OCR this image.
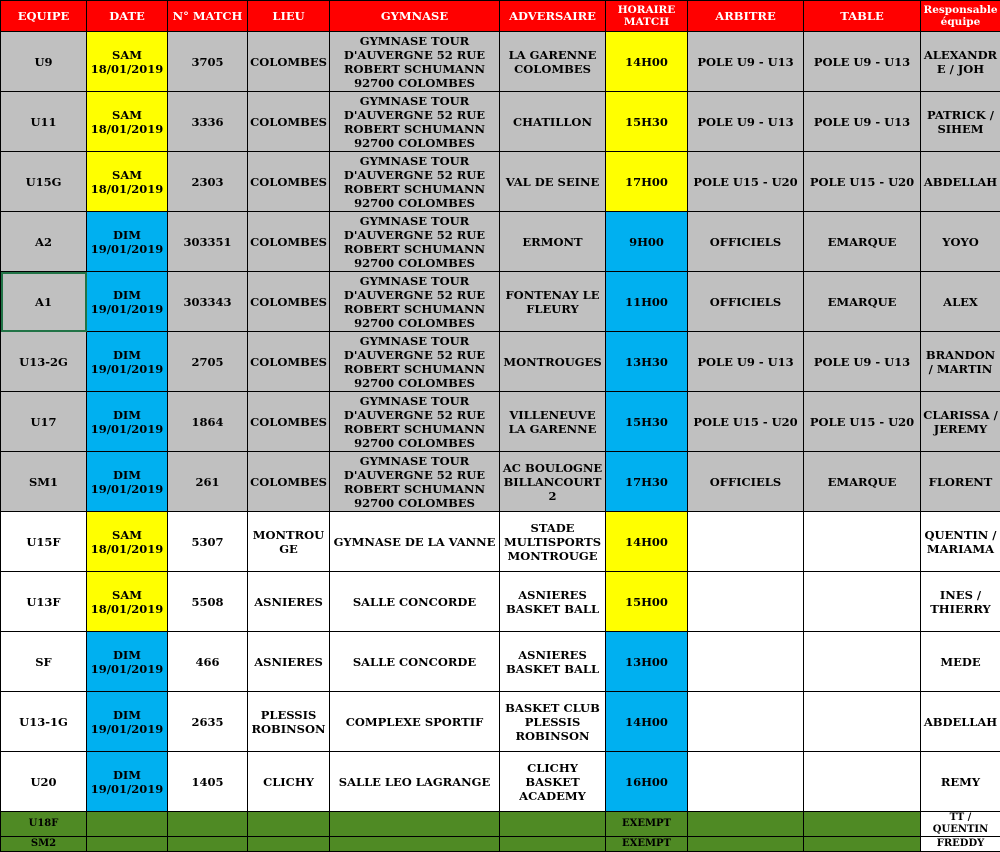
EQUIPE	DATE	N° MATCH	LIEU	GYMNASE	ADVERSAIRE	HORAIRE MATCH	ARBITRE	TABLE	Responsable équipe
U9	SAM 18/01/2019	3705	COLOMBES	GYMNASE TOUR D'AUVERGNE 52 RUE ROBERT SCHUMANN 92700 COLOMBES	LA GARENNE COLOMBES	14H00	POLE U9 - U13	POLE U9 - U13	ALEXANDRE / JOH
U11	SAM 18/01/2019	3336	COLOMBES	GYMNASE TOUR D'AUVERGNE 52 RUE ROBERT SCHUMANN 92700 COLOMBES	CHATILLON	15H30	POLE U9 - U13	POLE U9 - U13	PATRICK / SIHEM
U15G	SAM 18/01/2019	2303	COLOMBES	GYMNASE TOUR D'AUVERGNE 52 RUE ROBERT SCHUMANN 92700 COLOMBES	VAL DE SEINE	17H00	POLE U15 - U20	POLE U15 - U20	ABDELLAH
A2	DIM 19/01/2019	303351	COLOMBES	GYMNASE TOUR D'AUVERGNE 52 RUE ROBERT SCHUMANN 92700 COLOMBES	ERMONT	9H00	OFFICIELS	EMARQUE	YOYO
A1	DIM 19/01/2019	303343	COLOMBES	GYMNASE TOUR D'AUVERGNE 52 RUE ROBERT SCHUMANN 92700 COLOMBES	FONTENAY LE FLEURY	11H00	OFFICIELS	EMARQUE	ALEX
U13-2G	DIM 19/01/2019	2705	COLOMBES	GYMNASE TOUR D'AUVERGNE 52 RUE ROBERT SCHUMANN 92700 COLOMBES	MONTROUGES	13H30	POLE U9 - U13	POLE U9 - U13	BRANDON / MARTIN
U17	DIM 19/01/2019	1864	COLOMBES	GYMNASE TOUR D'AUVERGNE 52 RUE ROBERT SCHUMANN 92700 COLOMBES	VILLENEUVE LA GARENNE	15H30	POLE U15 - U20	POLE U15 - U20	CLARISSA / JEREMY
SM1	DIM 19/01/2019	261	COLOMBES	GYMNASE TOUR D'AUVERGNE 52 RUE ROBERT SCHUMANN 92700 COLOMBES	AC BOULOGNE BILLANCOURT 2	17H30	OFFICIELS	EMARQUE	FLORENT
U15F	SAM 18/01/2019	5307	MONTROUGE	GYMNASE DE LA VANNE	STADE MULTISPORTS MONTROUGE	14H00			QUENTIN / MARIAMA
U13F	SAM 18/01/2019	5508	ASNIERES	SALLE CONCORDE	ASNIERES BASKET BALL	15H00			INES / THIERRY
SF	DIM 19/01/2019	466	ASNIERES	SALLE CONCORDE	ASNIERES BASKET BALL	13H00			MEDE
U13-1G	DIM 19/01/2019	2635	PLESSIS ROBINSON	COMPLEXE SPORTIF	BASKET CLUB PLESSIS ROBINSON	14H00			ABDELLAH
U20	DIM 19/01/2019	1405	CLICHY	SALLE LEO LAGRANGE	CLICHY BASKET ACADEMY	16H00			REMY
U18F						EXEMPT			TT / QUENTIN
SM2						EXEMPT			FREDDY
